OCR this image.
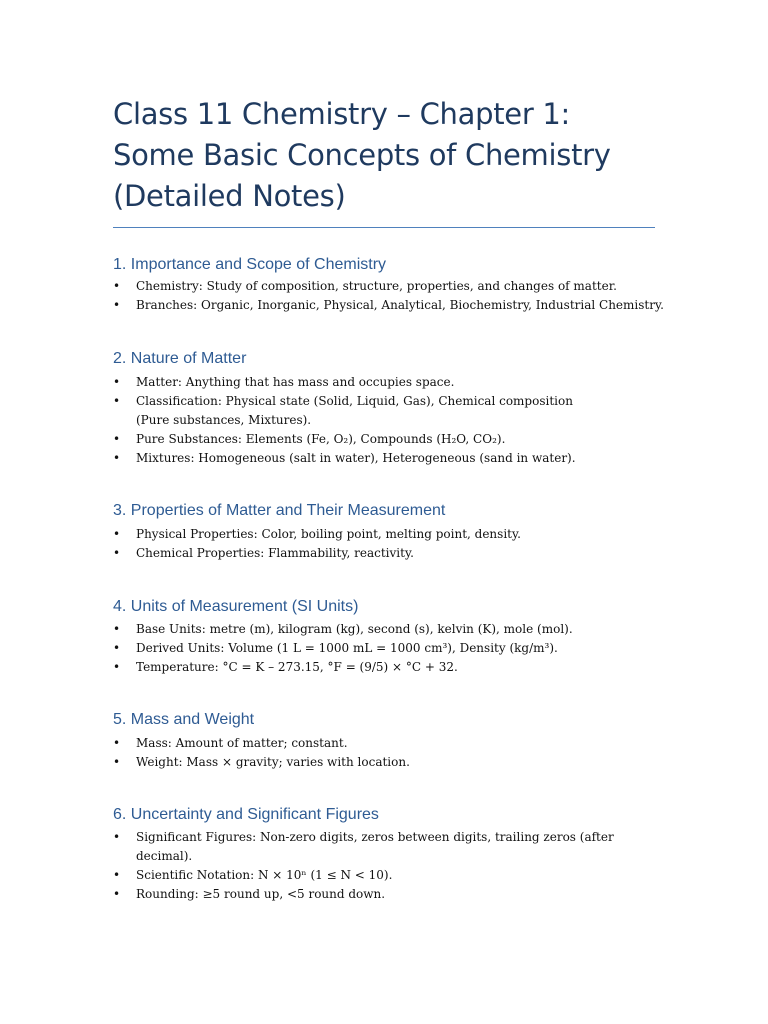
Class 11 Chemistry – Chapter 1: Some Basic Concepts of Chemistry (Detailed Notes)
1. Importance and Scope of Chemistry
• Chemistry: Study of composition, structure, properties, and changes of matter.
• Branches: Organic, Inorganic, Physical, Analytical, Biochemistry, Industrial Chemistry.
2. Nature of Matter
• Matter: Anything that has mass and occupies space.
• Classification: Physical state (Solid, Liquid, Gas), Chemical composition (Pure substances, Mixtures).
• Pure Substances: Elements (Fe, O₂), Compounds (H₂O, CO₂).
• Mixtures: Homogeneous (salt in water), Heterogeneous (sand in water).
3. Properties of Matter and Their Measurement
• Physical Properties: Color, boiling point, melting point, density.
• Chemical Properties: Flammability, reactivity.
4. Units of Measurement (SI Units)
• Base Units: metre (m), kilogram (kg), second (s), kelvin (K), mole (mol).
• Derived Units: Volume (1 L = 1000 mL = 1000 cm³), Density (kg/m³).
• Temperature: °C = K – 273.15, °F = (9/5) × °C + 32.
5. Mass and Weight
• Mass: Amount of matter; constant.
• Weight: Mass × gravity; varies with location.
6. Uncertainty and Significant Figures
• Significant Figures: Non-zero digits, zeros between digits, trailing zeros (after decimal).
• Scientific Notation: N × 10ⁿ (1 ≤ N < 10).
• Rounding: ≥5 round up, <5 round down.
